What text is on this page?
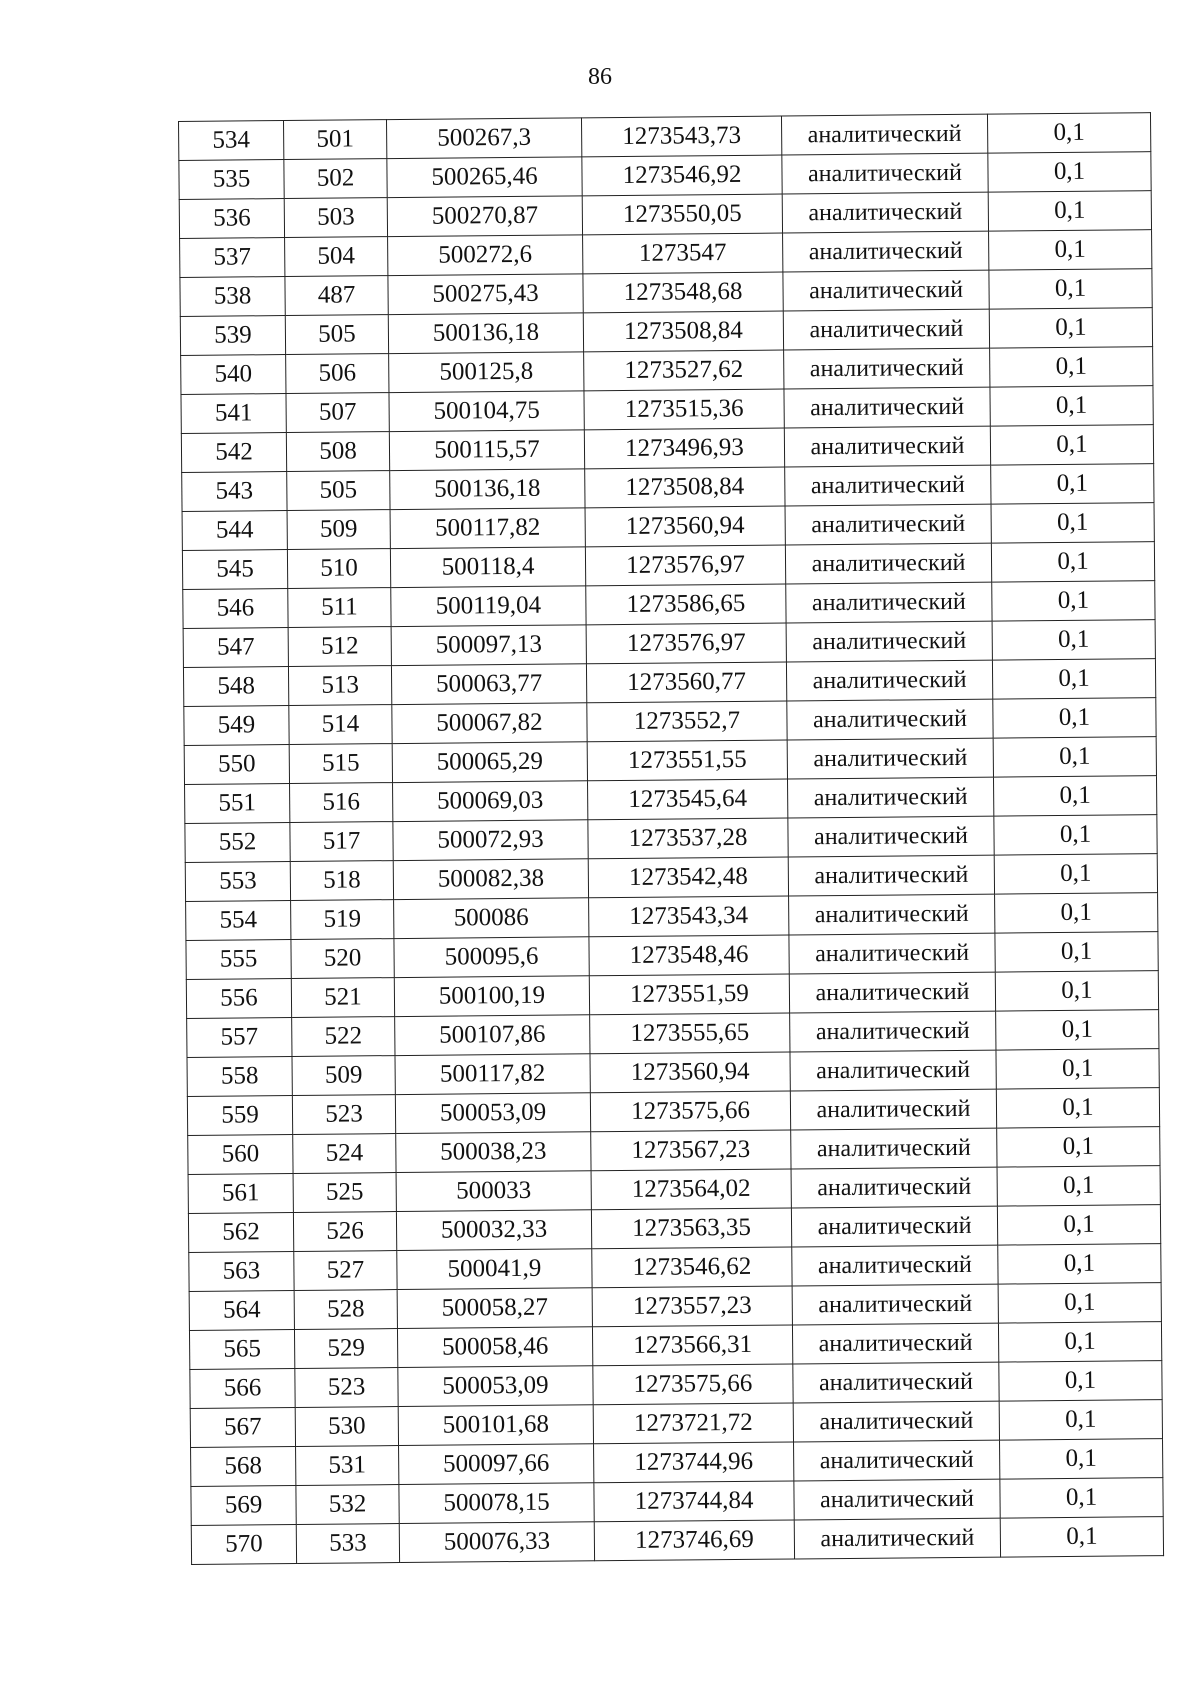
86
534	501	500267,3	1273543,73	аналитический	0,1
535	502	500265,46	1273546,92	аналитический	0,1
536	503	500270,87	1273550,05	аналитический	0,1
537	504	500272,6	1273547	аналитический	0,1
538	487	500275,43	1273548,68	аналитический	0,1
539	505	500136,18	1273508,84	аналитический	0,1
540	506	500125,8	1273527,62	аналитический	0,1
541	507	500104,75	1273515,36	аналитический	0,1
542	508	500115,57	1273496,93	аналитический	0,1
543	505	500136,18	1273508,84	аналитический	0,1
544	509	500117,82	1273560,94	аналитический	0,1
545	510	500118,4	1273576,97	аналитический	0,1
546	511	500119,04	1273586,65	аналитический	0,1
547	512	500097,13	1273576,97	аналитический	0,1
548	513	500063,77	1273560,77	аналитический	0,1
549	514	500067,82	1273552,7	аналитический	0,1
550	515	500065,29	1273551,55	аналитический	0,1
551	516	500069,03	1273545,64	аналитический	0,1
552	517	500072,93	1273537,28	аналитический	0,1
553	518	500082,38	1273542,48	аналитический	0,1
554	519	500086	1273543,34	аналитический	0,1
555	520	500095,6	1273548,46	аналитический	0,1
556	521	500100,19	1273551,59	аналитический	0,1
557	522	500107,86	1273555,65	аналитический	0,1
558	509	500117,82	1273560,94	аналитический	0,1
559	523	500053,09	1273575,66	аналитический	0,1
560	524	500038,23	1273567,23	аналитический	0,1
561	525	500033	1273564,02	аналитический	0,1
562	526	500032,33	1273563,35	аналитический	0,1
563	527	500041,9	1273546,62	аналитический	0,1
564	528	500058,27	1273557,23	аналитический	0,1
565	529	500058,46	1273566,31	аналитический	0,1
566	523	500053,09	1273575,66	аналитический	0,1
567	530	500101,68	1273721,72	аналитический	0,1
568	531	500097,66	1273744,96	аналитический	0,1
569	532	500078,15	1273744,84	аналитический	0,1
570	533	500076,33	1273746,69	аналитический	0,1
